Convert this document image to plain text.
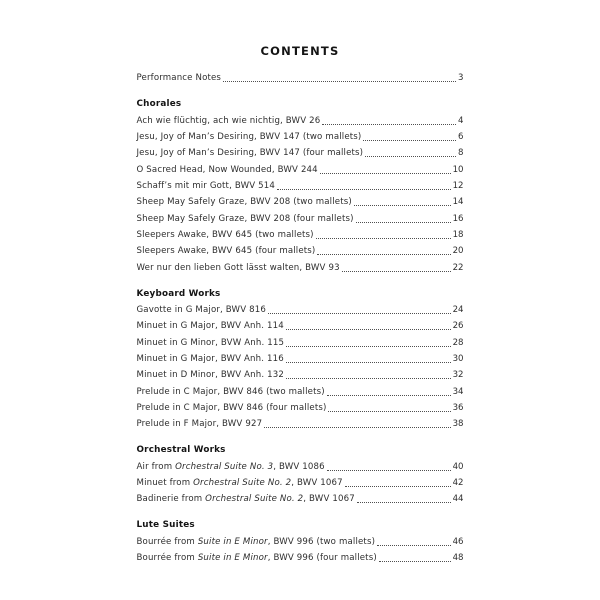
CONTENTS
Performance Notes	3
Chorales
Ach wie flüchtig, ach wie nichtig, BWV 26	4
Jesu, Joy of Man’s Desiring, BWV 147 (two mallets)	6
Jesu, Joy of Man’s Desiring, BWV 147 (four mallets)	8
O Sacred Head, Now Wounded, BWV 244	10
Schaff’s mit mir Gott, BWV 514	12
Sheep May Safely Graze, BWV 208 (two mallets)	14
Sheep May Safely Graze, BWV 208 (four mallets)	16
Sleepers Awake, BWV 645 (two mallets)	18
Sleepers Awake, BWV 645 (four mallets)	20
Wer nur den lieben Gott lässt walten, BWV 93	22
Keyboard Works
Gavotte in G Major, BWV 816	24
Minuet in G Major, BWV Anh. 114	26
Minuet in G Minor, BVW Anh. 115	28
Minuet in G Major, BWV Anh. 116	30
Minuet in D Minor, BWV Anh. 132	32
Prelude in C Major, BWV 846 (two mallets)	34
Prelude in C Major, BWV 846 (four mallets)	36
Prelude in F Major, BWV 927	38
Orchestral Works
Air from Orchestral Suite No. 3, BWV 1086	40
Minuet from Orchestral Suite No. 2, BWV 1067	42
Badinerie from Orchestral Suite No. 2, BWV 1067	44
Lute Suites
Bourrée from Suite in E Minor, BWV 996 (two mallets)	46
Bourrée from Suite in E Minor, BWV 996 (four mallets)	48
